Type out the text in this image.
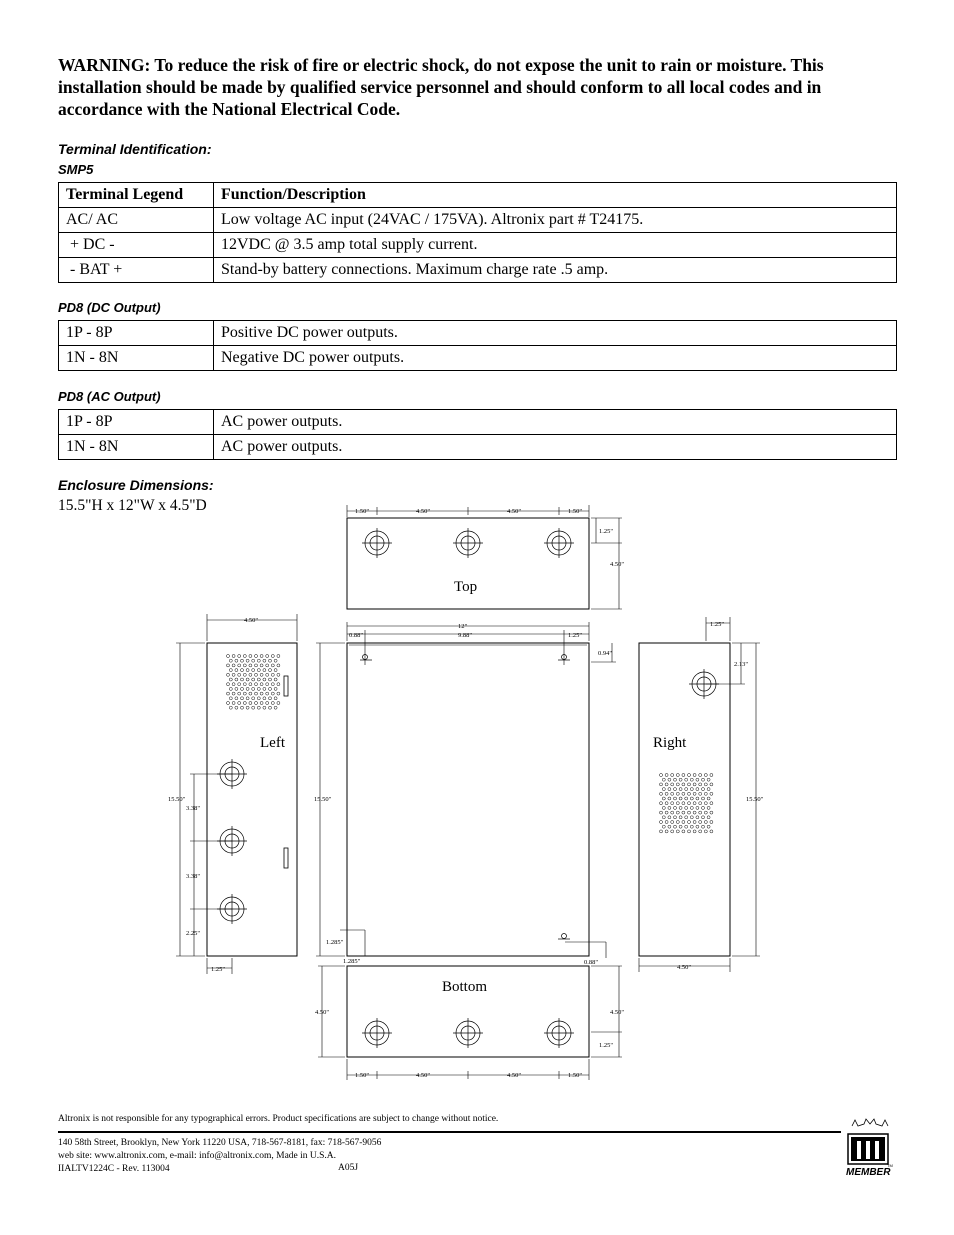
WARNING: To reduce the risk of fire or electric shock, do not expose the unit to rain or moisture. This installation should be made by qualified service personnel and should conform to all local codes and in accordance with the National Electrical Code.
Terminal Identification:
SMP5
Terminal Legend	Function/Description
AC/ AC	Low voltage AC input (24VAC / 175VA). Altronix part # T24175.
+ DC -	12VDC @ 3.5 amp total supply current.
- BAT +	Stand-by battery connections. Maximum charge rate .5 amp.
PD8 (DC Output)
1P - 8P	Positive DC power outputs.
1N - 8N	Negative DC power outputs.
PD8 (AC Output)
1P - 8P	AC power outputs.
1N - 8N	AC power outputs.
Enclosure Dimensions:
15.5"H x 12"W x 4.5"D
Top
1.50"	4.50"	4.50"	1.50"
1.25"
4.50"
Left
4.50"
15.50"
3.38"
3.38"
2.25"
1.25"
12"
0.88"	9.88"	1.25"
0.94"
15.50"
1.285"
1.285"	0.88"
Right
1.25"
2.13"
15.50"
4.50"
Bottom
4.50"	4.50"
1.25"
1.50"	4.50"	4.50"	1.50"
Altronix is not responsible for any typographical errors. Product specifications are subject to change without notice.
140 58th Street, Brooklyn, New York 11220 USA, 718-567-8181, fax: 718-567-9056
web site: www.altronix.com, e-mail: info@altronix.com, Made in U.S.A.
IIALTV1224C - Rev. 113004	A05J	TM
MEMBER
